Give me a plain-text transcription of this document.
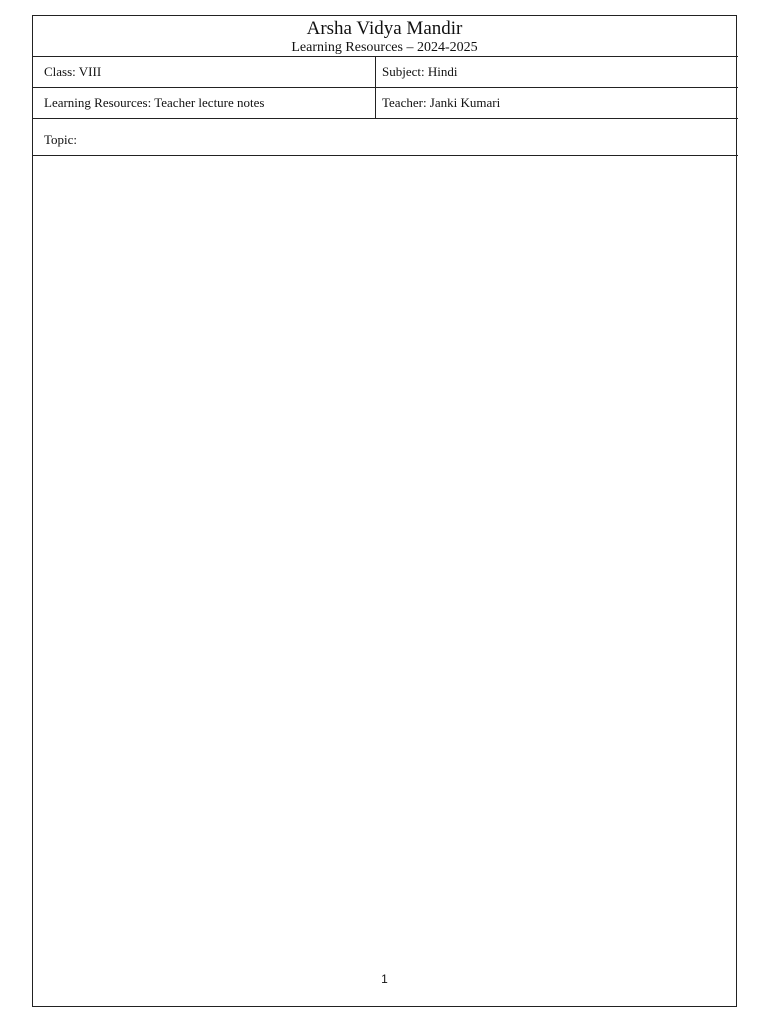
Arsha Vidya Mandir
Learning Resources – 2024-2025
Class: VIII	Subject: Hindi
Learning Resources: Teacher lecture notes	Teacher: Janki Kumari
Topic:
1
